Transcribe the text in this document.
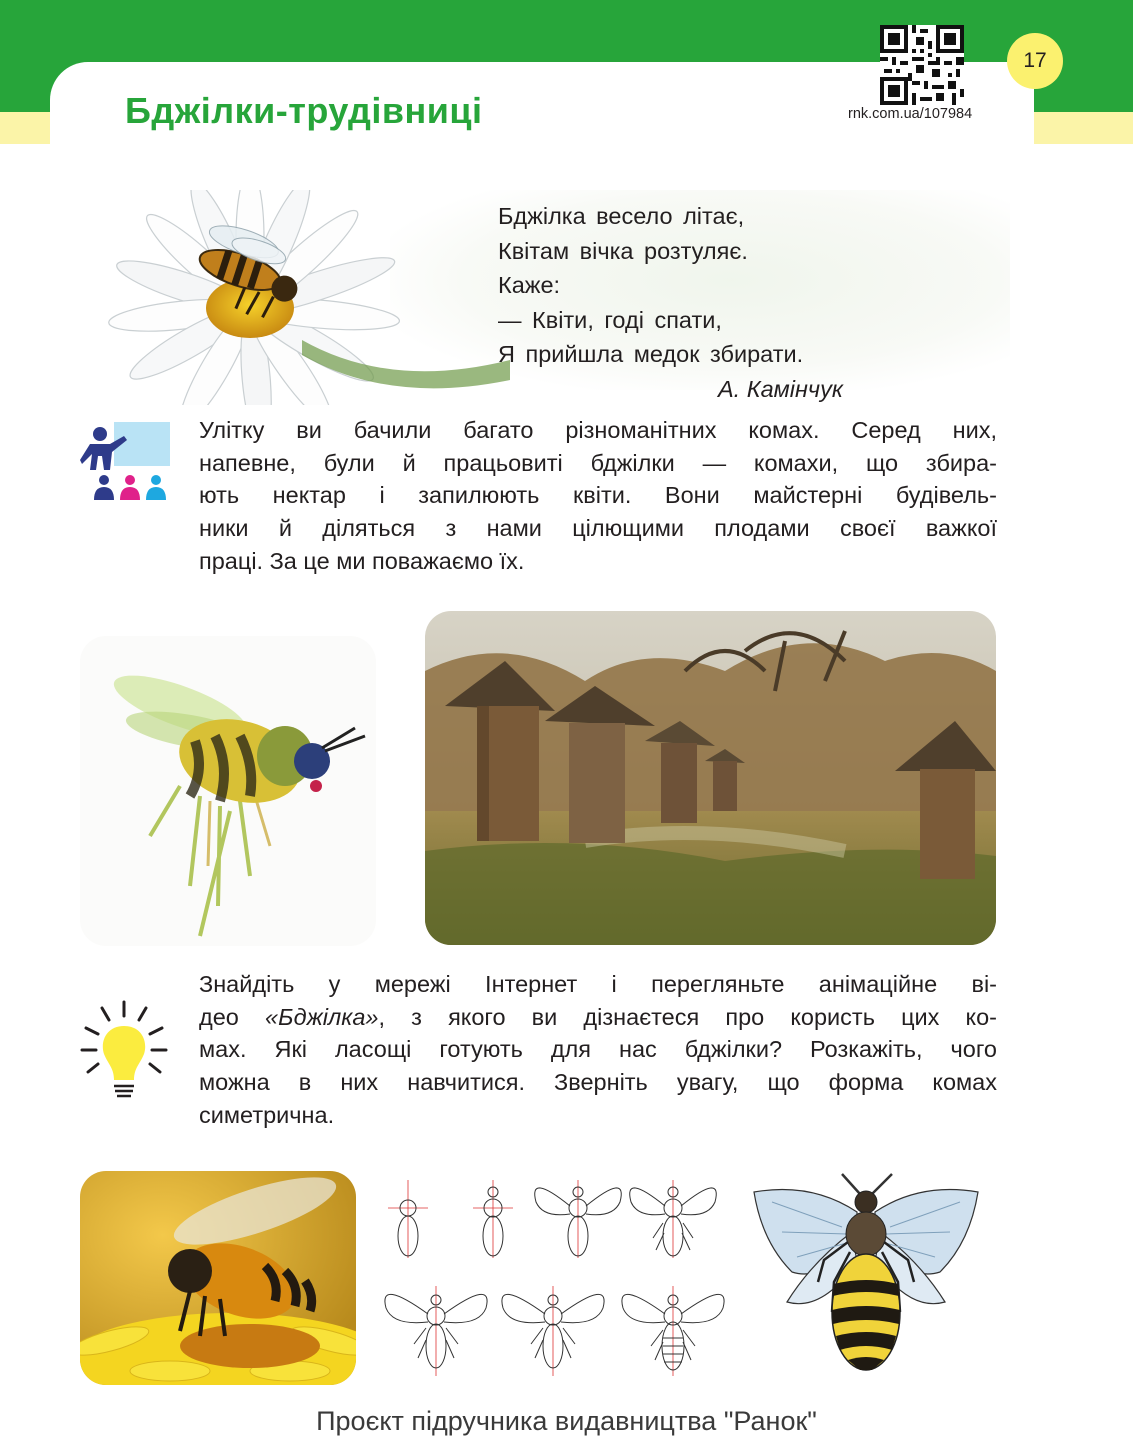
Бджілки-трудівниці	rnk.com.ua/107984
17
Бджілка весело літає,
Квітам вічка розтуляє.
Каже:
— Квіти, годі спати,
Я прийшла медок збирати.
А. Камінчук
Улітку ви бачили багато різноманітних комах. Серед них,
напевне, були й працьовиті бджілки — комахи, що збира-
ють нектар і запилюють квіти. Вони майстерні будівель-
ники й діляться з нами цілющими плодами своєї важкої
праці. За це ми поважаємо їх.
Знайдіть у мережі Інтернет і перегляньте анімаційне ві-
део «Бджілка», з якого ви дізнаєтеся про користь цих ко-
мах. Які ласощі готують для нас бджілки? Розкажіть, чого
можна в них навчитися. Зверніть увагу, що форма комах
симетрична.
Проєкт підручника видавництва "Ранок"
